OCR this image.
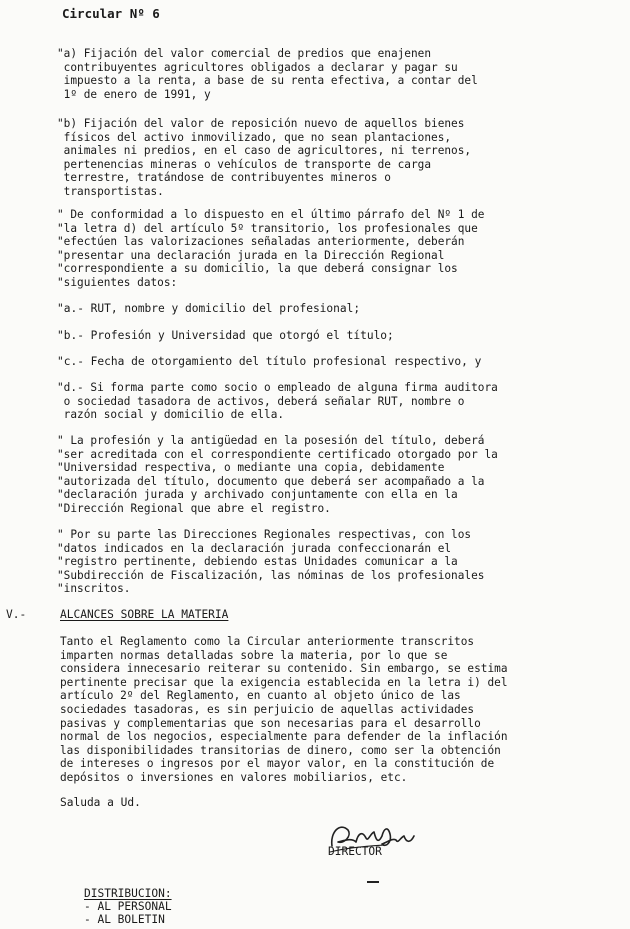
Circular Nº 6

"a) Fijación del valor comercial de predios que enajenen
contribuyentes agricultores obligados a declarar y pagar su
impuesto a la renta, a base de su renta efectiva, a contar del
1º de enero de 1991, y

"b) Fijación del valor de reposición nuevo de aquellos bienes
físicos del activo inmovilizado, que no sean plantaciones,
animales ni predios, en el caso de agricultores, ni terrenos,
pertenencias mineras o vehículos de transporte de carga
terrestre, tratándose de contribuyentes mineros o
transportistas.

" De conformidad a lo dispuesto en el último párrafo del Nº 1 de
"la letra d) del artículo 5º transitorio, los profesionales que
"efectúen las valorizaciones señaladas anteriormente, deberán
"presentar una declaración jurada en la Dirección Regional
"correspondiente a su domicilio, la que deberá consignar los
"siguientes datos:

"a.- RUT, nombre y domicilio del profesional;

"b.- Profesión y Universidad que otorgó el título;

"c.- Fecha de otorgamiento del título profesional respectivo, y

"d.- Si forma parte como socio o empleado de alguna firma auditora
o sociedad tasadora de activos, deberá señalar RUT, nombre o
razón social y domicilio de ella.

" La profesión y la antigüedad en la posesión del título, deberá
"ser acreditada con el correspondiente certificado otorgado por la
"Universidad respectiva, o mediante una copia, debidamente
"autorizada del título, documento que deberá ser acompañado a la
"declaración jurada y archivado conjuntamente con ella en la
"Dirección Regional que abre el registro.

" Por su parte las Direcciones Regionales respectivas, con los
"datos indicados en la declaración jurada confeccionarán el
"registro pertinente, debiendo estas Unidades comunicar a la
"Subdirección de Fiscalización, las nóminas de los profesionales
"inscritos.

V.-	ALCANCES SOBRE LA MATERIA

Tanto el Reglamento como la Circular anteriormente transcritos
imparten normas detalladas sobre la materia, por lo que se
considera innecesario reiterar su contenido. Sin embargo, se estima
pertinente precisar que la exigencia establecida en la letra i) del
artículo 2º del Reglamento, en cuanto al objeto único de las
sociedades tasadoras, es sin perjuicio de aquellas actividades
pasivas y complementarias que son necesarias para el desarrollo
normal de los negocios, especialmente para defender de la inflación
las disponibilidades transitorias de dinero, como ser la obtención
de intereses o ingresos por el mayor valor, en la constitución de
depósitos o inversiones en valores mobiliarios, etc.

Saluda a Ud.

DIRECTOR

DISTRIBUCION:

- AL PERSONAL

- AL BOLETIN
